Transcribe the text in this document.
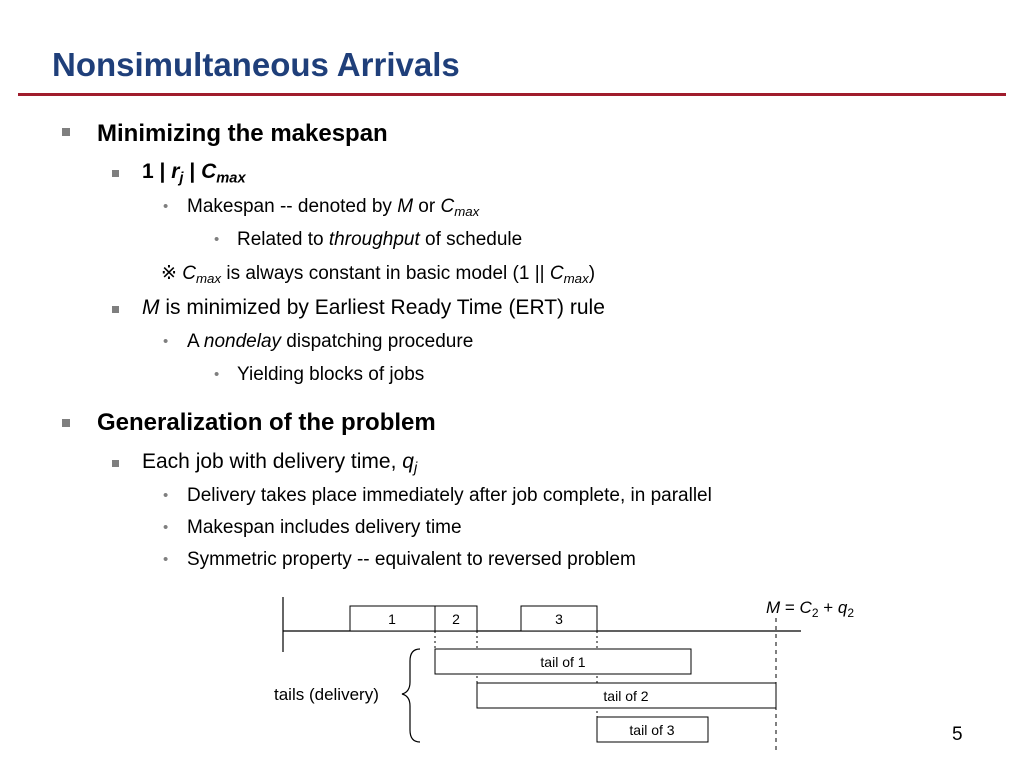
Nonsimultaneous Arrivals
Minimizing the makespan
1 | $r_j$ | $C_{max}$
• Makespan -- denoted by M or $C_{max}$
• Related to throughput of schedule
※ $C_{max}$ is always constant in basic model (1 || $C_{max}$)
M is minimized by Earliest Ready Time (ERT) rule
• A nondelay dispatching procedure
• Yielding blocks of jobs
Generalization of the problem
Each job with delivery time, $q_j$
• Delivery takes place immediately after job complete, in parallel
• Makespan includes delivery time
• Symmetric property -- equivalent to reversed problem
1	2	3
tail of 1
tail of 2
tail of 3
tails (delivery)
$M = C_2 + q_2$
5
